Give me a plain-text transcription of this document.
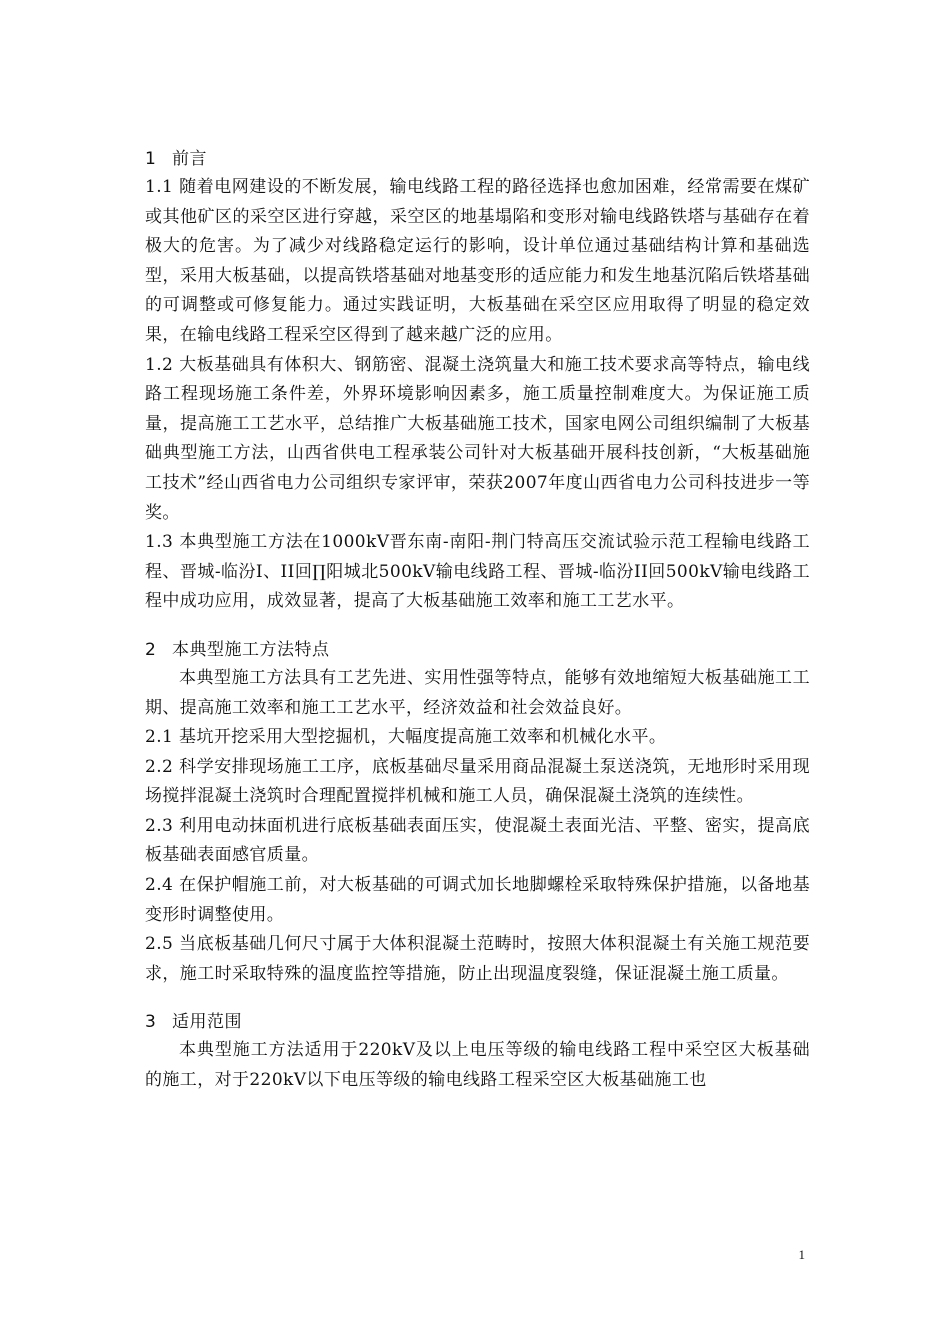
1 前言

1.1 随着电网建设的不断发展，输电线路工程的路径选择也愈加困难，经常需要在煤矿或其他矿区的采空区进行穿越，采空区的地基塌陷和变形对输电线路铁塔与基础存在着极大的危害。为了减少对线路稳定运行的影响，设计单位通过基础结构计算和基础选型，采用大板基础，以提高铁塔基础对地基变形的适应能力和发生地基沉陷后铁塔基础的可调整或可修复能力。通过实践证明，大板基础在采空区应用取得了明显的稳定效果，在输电线路工程采空区得到了越来越广泛的应用。

1.2 大板基础具有体积大、钢筋密、混凝土浇筑量大和施工技术要求高等特点，输电线路工程现场施工条件差，外界环境影响因素多，施工质量控制难度大。为保证施工质量，提高施工工艺水平，总结推广大板基础施工技术，国家电网公司组织编制了大板基础典型施工方法，山西省供电工程承装公司针对大板基础开展科技创新，“大板基础施工技术”经山西省电力公司组织专家评审，荣获2007年度山西省电力公司科技进步一等奖。

1.3 本典型施工方法在1000kV晋东南-南阳-荆门特高压交流试验示范工程输电线路工程、晋城-临汾I、II回∏阳城北500kV输电线路工程、晋城-临汾II回500kV输电线路工程中成功应用，成效显著，提高了大板基础施工效率和施工工艺水平。

2 本典型施工方法特点

本典型施工方法具有工艺先进、实用性强等特点，能够有效地缩短大板基础施工工期、提高施工效率和施工工艺水平，经济效益和社会效益良好。

2.1 基坑开挖采用大型挖掘机，大幅度提高施工效率和机械化水平。

2.2 科学安排现场施工工序，底板基础尽量采用商品混凝土泵送浇筑，无地形时采用现场搅拌混凝土浇筑时合理配置搅拌机械和施工人员，确保混凝土浇筑的连续性。

2.3 利用电动抹面机进行底板基础表面压实，使混凝土表面光洁、平整、密实，提高底板基础表面感官质量。

2.4 在保护帽施工前，对大板基础的可调式加长地脚螺栓采取特殊保护措施，以备地基变形时调整使用。

2.5 当底板基础几何尺寸属于大体积混凝土范畴时，按照大体积混凝土有关施工规范要求，施工时采取特殊的温度监控等措施，防止出现温度裂缝，保证混凝土施工质量。

3 适用范围

本典型施工方法适用于220kV及以上电压等级的输电线路工程中采空区大板基础的施工，对于220kV以下电压等级的输电线路工程采空区大板基础施工也

1
